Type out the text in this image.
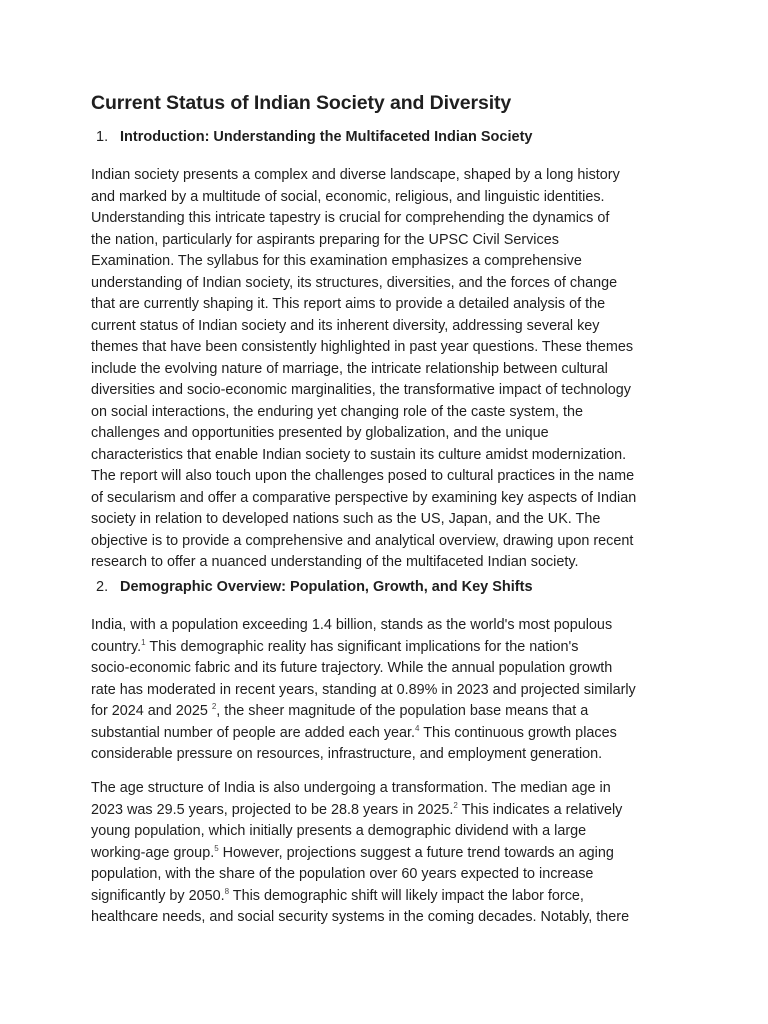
Current Status of Indian Society and Diversity
1. Introduction: Understanding the Multifaceted Indian Society
Indian society presents a complex and diverse landscape, shaped by a long history
and marked by a multitude of social, economic, religious, and linguistic identities.
Understanding this intricate tapestry is crucial for comprehending the dynamics of
the nation, particularly for aspirants preparing for the UPSC Civil Services
Examination. The syllabus for this examination emphasizes a comprehensive
understanding of Indian society, its structures, diversities, and the forces of change
that are currently shaping it. This report aims to provide a detailed analysis of the
current status of Indian society and its inherent diversity, addressing several key
themes that have been consistently highlighted in past year questions. These themes
include the evolving nature of marriage, the intricate relationship between cultural
diversities and socio-economic marginalities, the transformative impact of technology
on social interactions, the enduring yet changing role of the caste system, the
challenges and opportunities presented by globalization, and the unique
characteristics that enable Indian society to sustain its culture amidst modernization.
The report will also touch upon the challenges posed to cultural practices in the name
of secularism and offer a comparative perspective by examining key aspects of Indian
society in relation to developed nations such as the US, Japan, and the UK. The
objective is to provide a comprehensive and analytical overview, drawing upon recent
research to offer a nuanced understanding of the multifaceted Indian society.
2. Demographic Overview: Population, Growth, and Key Shifts
India, with a population exceeding 1.4 billion, stands as the world's most populous
country.$^1$ This demographic reality has significant implications for the nation's
socio-economic fabric and its future trajectory. While the annual population growth
rate has moderated in recent years, standing at 0.89% in 2023 and projected similarly
for 2024 and 2025 $^2$, the sheer magnitude of the population base means that a
substantial number of people are added each year.$^4$ This continuous growth places
considerable pressure on resources, infrastructure, and employment generation.
The age structure of India is also undergoing a transformation. The median age in
2023 was 29.5 years, projected to be 28.8 years in 2025.$^2$ This indicates a relatively
young population, which initially presents a demographic dividend with a large
working-age group.$^5$ However, projections suggest a future trend towards an aging
population, with the share of the population over 60 years expected to increase
significantly by 2050.$^8$ This demographic shift will likely impact the labor force,
healthcare needs, and social security systems in the coming decades. Notably, there
